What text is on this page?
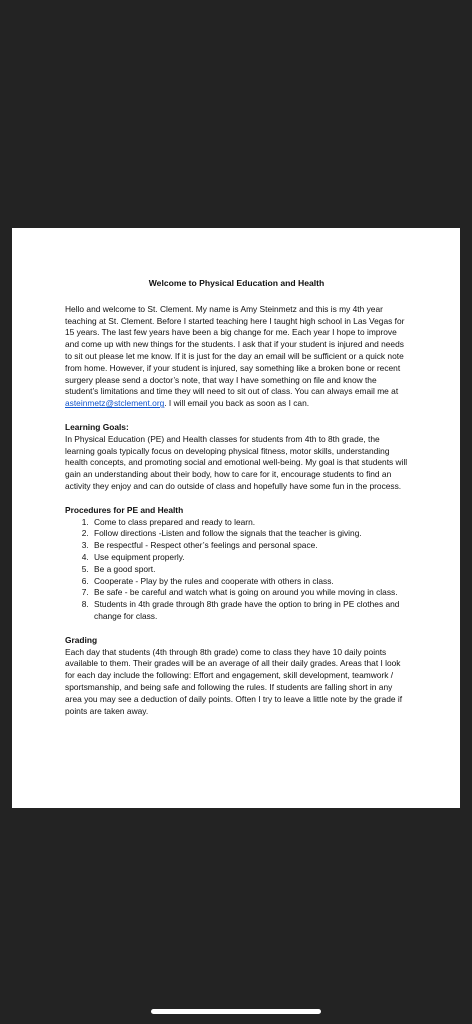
Welcome to Physical Education and Health

Hello and welcome to St. Clement. My name is Amy Steinmetz and this is my 4th year teaching at St. Clement. Before I started teaching here I taught high school in Las Vegas for 15 years. The last few years have been a big change for me. Each year I hope to improve and come up with new things for the students. I ask that if your student is injured and needs to sit out please let me know. If it is just for the day an email will be sufficient or a quick note from home. However, if your student is injured, say something like a broken bone or recent surgery please send a doctor’s note, that way I have something on file and know the student’s limitations and time they will need to sit out of class. You can always email me at asteinmetz@stclement.org. I will email you back as soon as I can.

Learning Goals:

In Physical Education (PE) and Health classes for students from 4th to 8th grade, the learning goals typically focus on developing physical fitness, motor skills, understanding health concepts, and promoting social and emotional well-being. My goal is that students will gain an understanding about their body, how to care for it, encourage students to find an activity they enjoy and can do outside of class and hopefully have some fun in the process.

Procedures for PE and Health
1. Come to class prepared and ready to learn.
2. Follow directions -Listen and follow the signals that the teacher is giving.
3. Be respectful - Respect other’s feelings and personal space.
4. Use equipment properly.
5. Be a good sport.
6. Cooperate - Play by the rules and cooperate with others in class.
7. Be safe - be careful and watch what is going on around you while moving in class.
8. Students in 4th grade through 8th grade have the option to bring in PE clothes and change for class.
Grading

Each day that students (4th through 8th grade) come to class they have 10 daily points available to them. Their grades will be an average of all their daily grades. Areas that I look for each day include the following: Effort and engagement, skill development, teamwork / sportsmanship, and being safe and following the rules. If students are falling short in any area you may see a deduction of daily points. Often I try to leave a little note by the grade if points are taken away.
